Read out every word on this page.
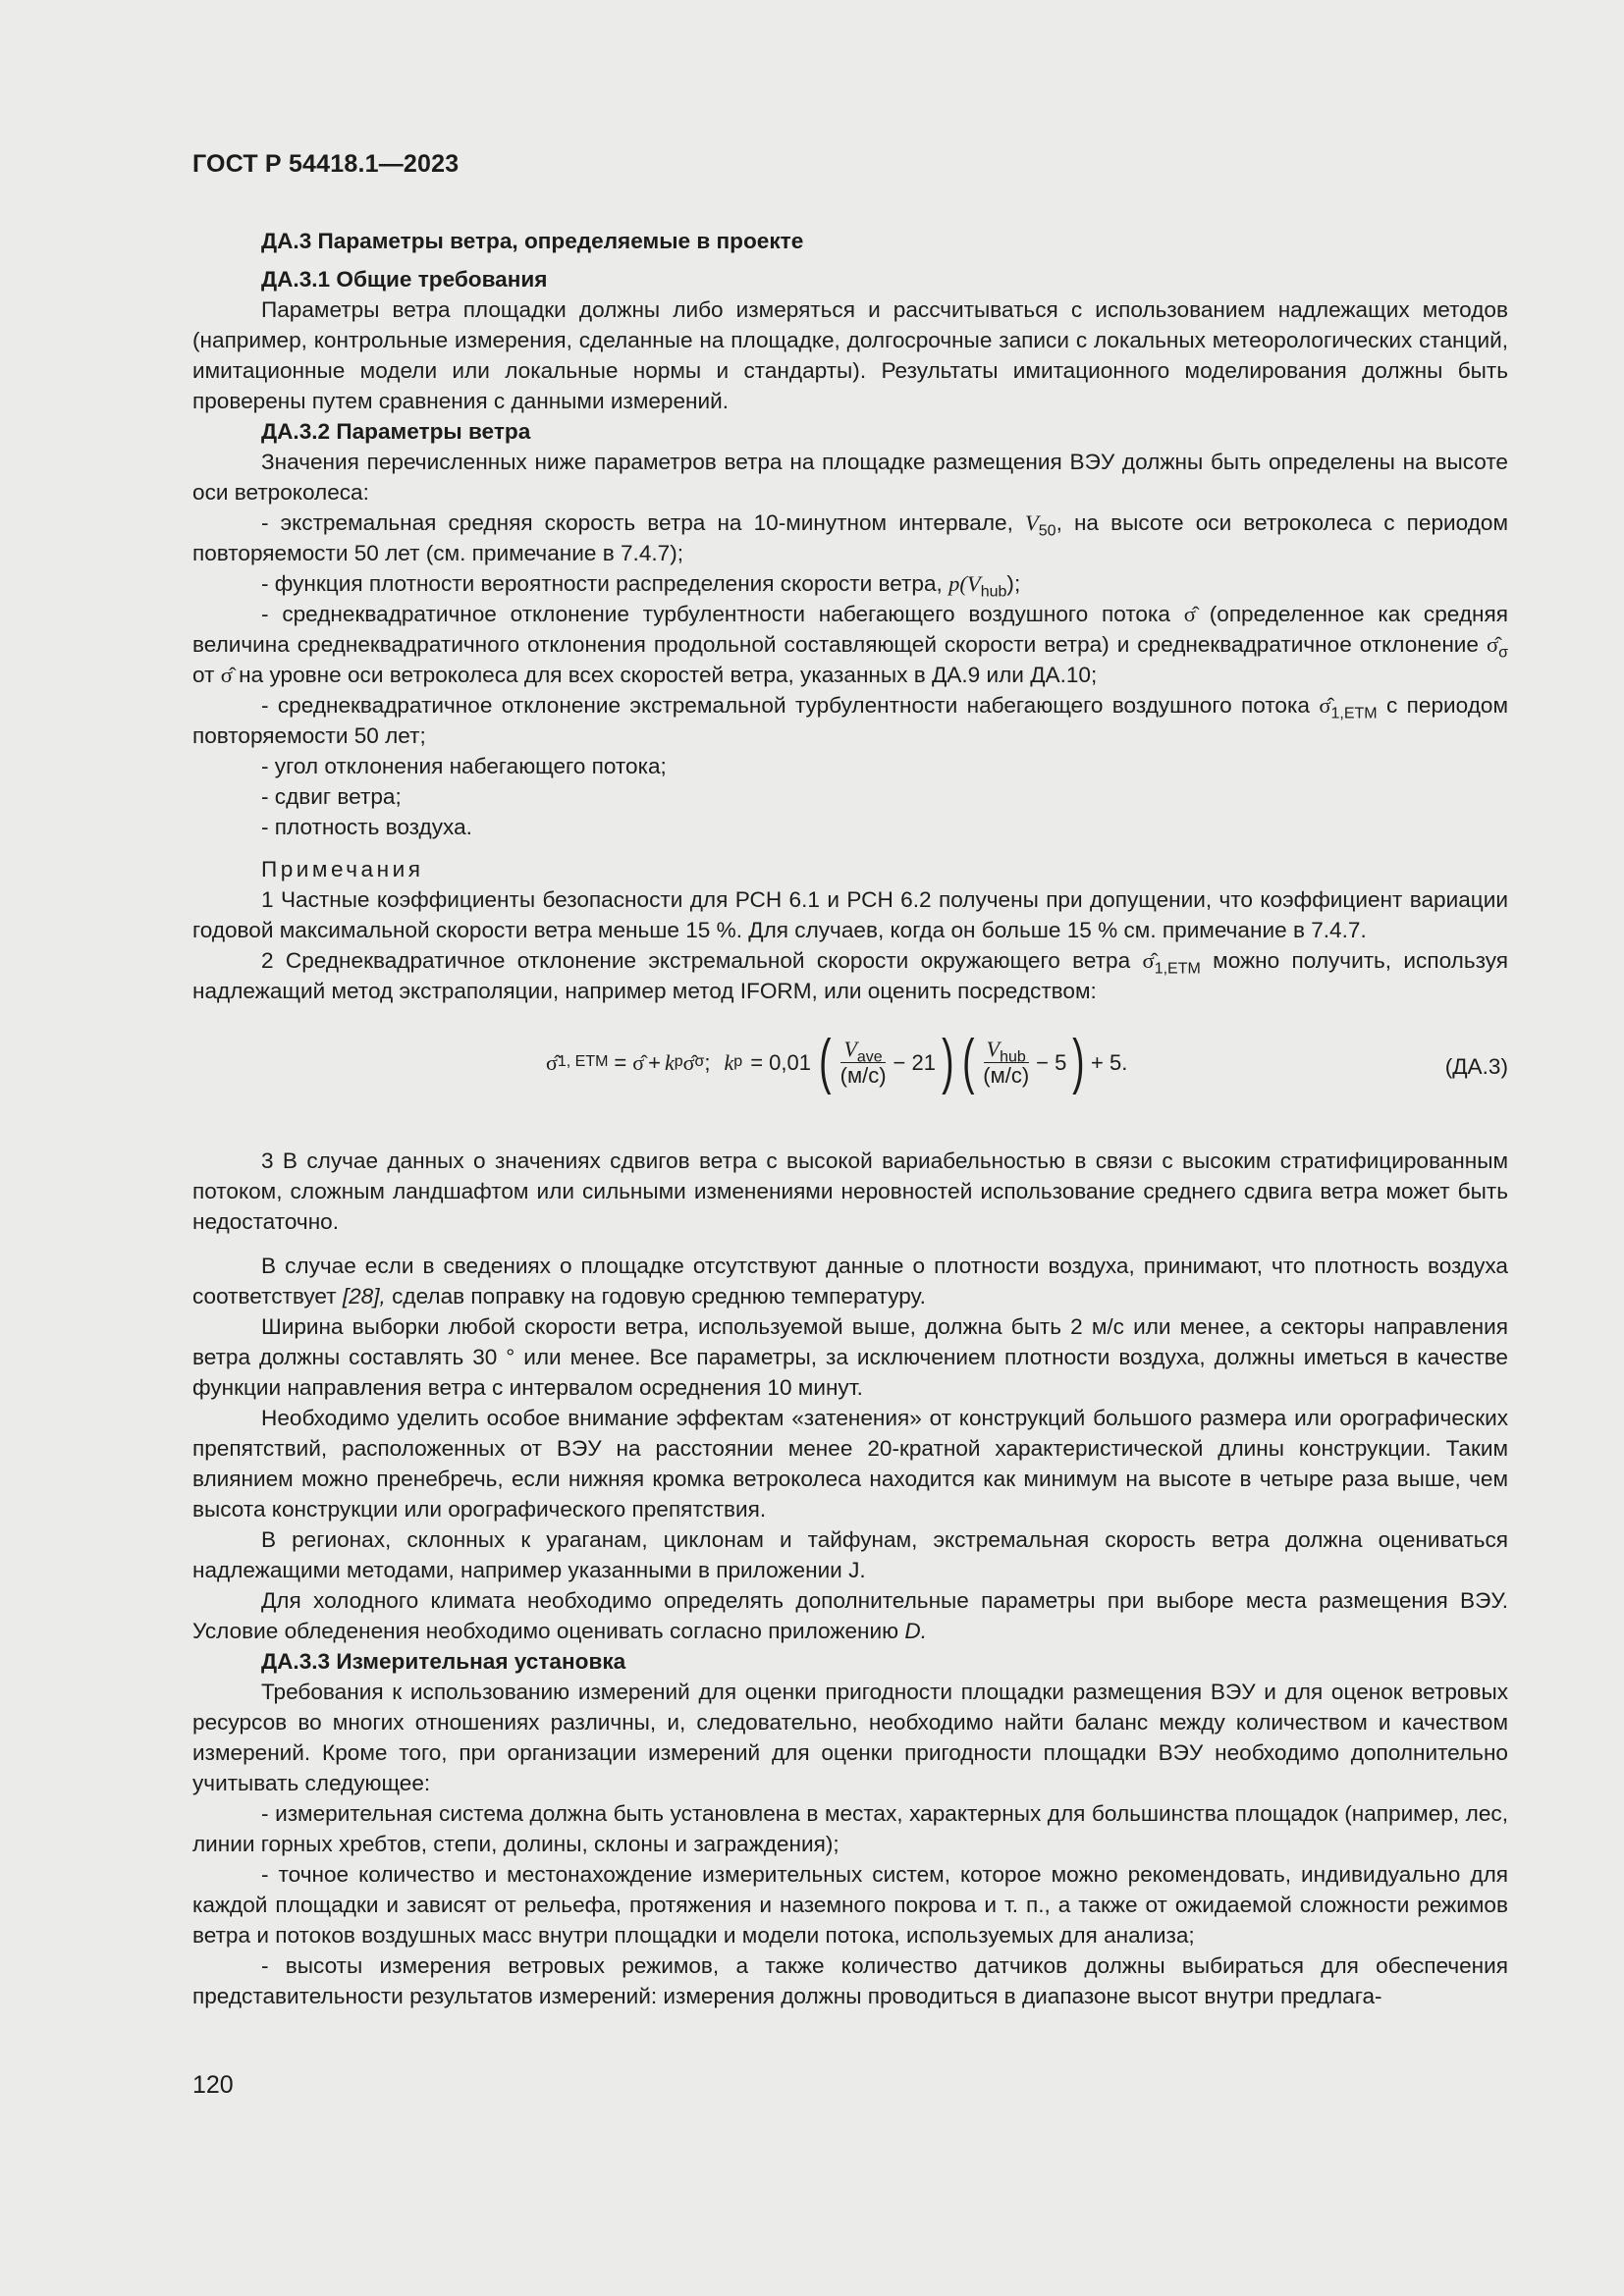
ГОСТ Р 54418.1—2023

ДА.3 Параметры ветра, определяемые в проекте

ДА.3.1 Общие требования

Параметры ветра площадки должны либо измеряться и рассчитываться с использованием надлежащих методов (например, контрольные измерения, сделанные на площадке, долгосрочные записи с локальных метеорологических станций, имитационные модели или локальные нормы и стандарты). Результаты имитационного моделирования должны быть проверены путем сравнения с данными измерений.

ДА.3.2 Параметры ветра

Значения перечисленных ниже параметров ветра на площадке размещения ВЭУ должны быть определены на высоте оси ветроколеса:

- экстремальная средняя скорость ветра на 10-минутном интервале, $V_{50}$, на высоте оси ветроколеса с периодом повторяемости 50 лет (см. примечание в 7.4.7);

- функция плотности вероятности распределения скорости ветра, $p(V_{hub})$;

- среднеквадратичное отклонение турбулентности набегающего воздушного потока σ̂ (определенное как средняя величина среднеквадратичного отклонения продольной составляющей скорости ветра) и среднеквадратичное отклонение $\sigmâ_\sigma$ от σ̂ на уровне оси ветроколеса для всех скоростей ветра, указанных в ДА.9 или ДА.10;

- среднеквадратичное отклонение экстремальной турбулентности набегающего воздушного потока $\sigmâ_{1,ETM}$ с периодом повторяемости 50 лет;

- угол отклонения набегающего потока;

- сдвиг ветра;

- плотность воздуха.

Примечания

1 Частные коэффициенты безопасности для РСН 6.1 и РСН 6.2 получены при допущении, что коэффициент вариации годовой максимальной скорости ветра меньше 15 %. Для случаев, когда он больше 15 % см. примечание в 7.4.7.

2 Среднеквадратичное отклонение экстремальной скорости окружающего ветра $\sigmâ_{1,ETM}$ можно получить, используя надлежащий метод экстраполяции, например метод IFORM, или оценить посредством:

σ̂ 1, ETM = σ̂ + k p σ̂ σ ; k p = 0,01 ( $\frac{V_{ave}}{(м/с)} - 21$ ) ( $\frac{V_{hub}}{(м/с)} - 5$ ) + 5.	(ДА.3)

3 В случае данных о значениях сдвигов ветра с высокой вариабельностью в связи с высоким стратифицированным потоком, сложным ландшафтом или сильными изменениями неровностей использование среднего сдвига ветра может быть недостаточно.

В случае если в сведениях о площадке отсутствуют данные о плотности воздуха, принимают, что плотность воздуха соответствует [28], сделав поправку на годовую среднюю температуру.

Ширина выборки любой скорости ветра, используемой выше, должна быть 2 м/с или менее, а секторы направления ветра должны составлять 30 ° или менее. Все параметры, за исключением плотности воздуха, должны иметься в качестве функции направления ветра с интервалом осреднения 10 минут.

Необходимо уделить особое внимание эффектам «затенения» от конструкций большого размера или орографических препятствий, расположенных от ВЭУ на расстоянии менее 20-кратной характеристической длины конструкции. Таким влиянием можно пренебречь, если нижняя кромка ветроколеса находится как минимум на высоте в четыре раза выше, чем высота конструкции или орографического препятствия.

В регионах, склонных к ураганам, циклонам и тайфунам, экстремальная скорость ветра должна оцениваться надлежащими методами, например указанными в приложении J.

Для холодного климата необходимо определять дополнительные параметры при выборе места размещения ВЭУ. Условие обледенения необходимо оценивать согласно приложению D.

ДА.3.3 Измерительная установка

Требования к использованию измерений для оценки пригодности площадки размещения ВЭУ и для оценок ветровых ресурсов во многих отношениях различны, и, следовательно, необходимо найти баланс между количеством и качеством измерений. Кроме того, при организации измерений для оценки пригодности площадки ВЭУ необходимо дополнительно учитывать следующее:

- измерительная система должна быть установлена в местах, характерных для большинства площадок (например, лес, линии горных хребтов, степи, долины, склоны и заграждения);

- точное количество и местонахождение измерительных систем, которое можно рекомендовать, индивидуально для каждой площадки и зависят от рельефа, протяжения и наземного покрова и т. п., а также от ожидаемой сложности режимов ветра и потоков воздушных масс внутри площадки и модели потока, используемых для анализа;

- высоты измерения ветровых режимов, а также количество датчиков должны выбираться для обеспечения представительности результатов измерений: измерения должны проводиться в диапазоне высот внутри предлага-

120
